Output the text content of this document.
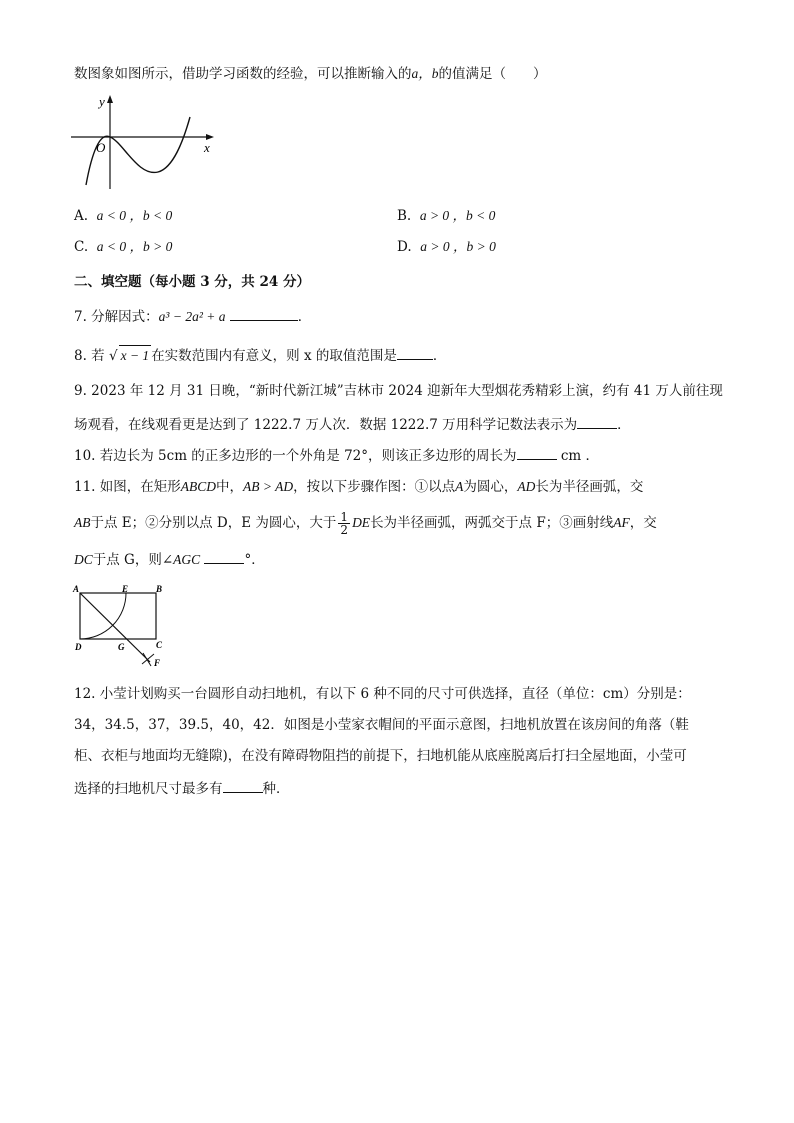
数图象如图所示，借助学习函数的经验，可以推断输入的a，b的值满足（　　）
y
x
O
A. a < 0 ，b < 0	B. a > 0 ，b < 0
C. a < 0 ，b > 0	D. a > 0 ，b > 0
二、填空题（每小题 3 分，共 24 分）
7. 分解因式：a³ − 2a² + a	．
8. 若 √ x − 1 在实数范围内有意义，则 x 的取值范围是	．
9. 2023 年 12 月 31 日晚，“新时代新江城”吉林市 2024 迎新年大型烟花秀精彩上演，约有 41 万人前往现
场观看，在线观看更是达到了 1222.7 万人次．数据 1222.7 万用科学记数法表示为	．
10. 若边长为 5cm 的正多边形的一个外角是 72°，则该正多边形的周长为	cm ．
11. 如图，在矩形ABCD中，AB > AD，按以下步骤作图：①以点A为圆心，AD长为半径画弧，交
AB于点 E；②分别以点 D，E 为圆心，大于 $\frac{1}{2}$ DE长为半径画弧，两弧交于点 F；③画射线AF，交
DC于点 G，则∠AGC	°．
A	E	B
D	G	C
F
12. 小莹计划购买一台圆形自动扫地机，有以下 6 种不同的尺寸可供选择，直径（单位：cm）分别是：
34，34.5，37，39.5，40，42．如图是小莹家衣帽间的平面示意图，扫地机放置在该房间的角落（鞋
柜、衣柜与地面均无缝隙)，在没有障碍物阻挡的前提下，扫地机能从底座脱离后打扫全屋地面，小莹可
选择的扫地机尺寸最多有	种．
